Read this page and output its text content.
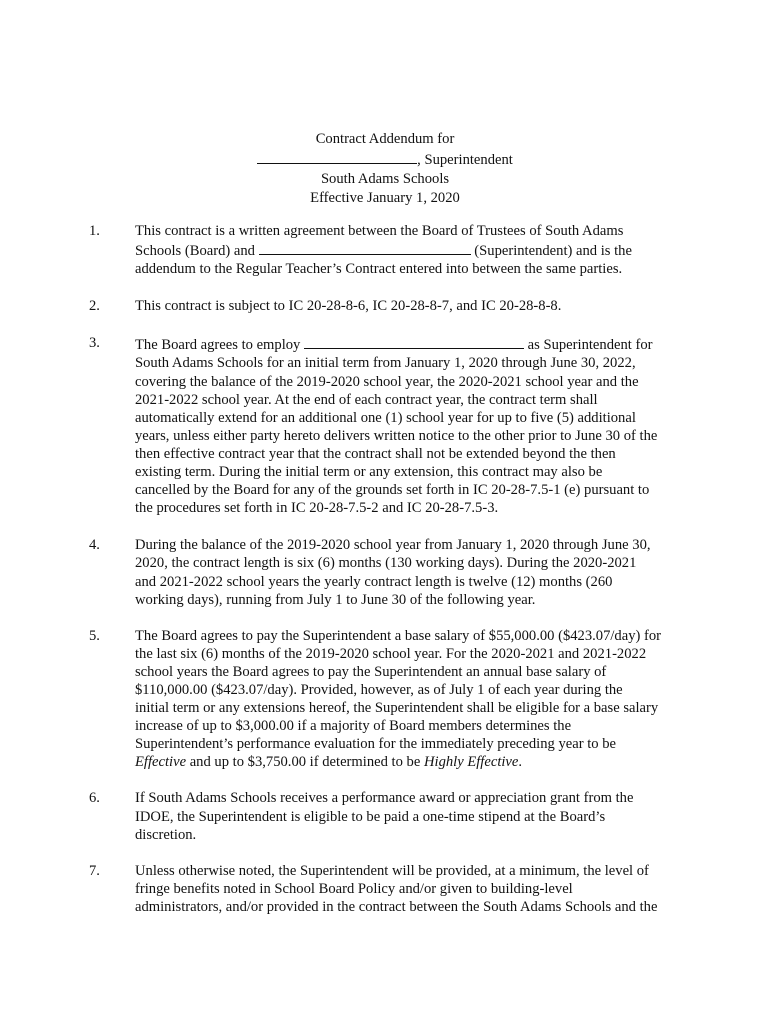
Contract Addendum for
, Superintendent
South Adams Schools
Effective January 1, 2020
1. This contract is a written agreement between the Board of Trustees of South Adams
Schools (Board) and	(Superintendent) and is the
addendum to the Regular Teacher’s Contract entered into between the same parties.
2. This contract is subject to IC 20-28-8-6, IC 20-28-8-7, and IC 20-28-8-8.
3. The Board agrees to employ	as Superintendent for
South Adams Schools for an initial term from January 1, 2020 through June 30, 2022,
covering the balance of the 2019-2020 school year, the 2020-2021 school year and the
2021-2022 school year. At the end of each contract year, the contract term shall
automatically extend for an additional one (1) school year for up to five (5) additional
years, unless either party hereto delivers written notice to the other prior to June 30 of the
then effective contract year that the contract shall not be extended beyond the then
existing term. During the initial term or any extension, this contract may also be
cancelled by the Board for any of the grounds set forth in IC 20-28-7.5-1 (e) pursuant to
the procedures set forth in IC 20-28-7.5-2 and IC 20-28-7.5-3.
4. During the balance of the 2019-2020 school year from January 1, 2020 through June 30,
2020, the contract length is six (6) months (130 working days). During the 2020-2021
and 2021-2022 school years the yearly contract length is twelve (12) months (260
working days), running from July 1 to June 30 of the following year.
5. The Board agrees to pay the Superintendent a base salary of $55,000.00 ($423.07/day) for
the last six (6) months of the 2019-2020 school year. For the 2020-2021 and 2021-2022
school years the Board agrees to pay the Superintendent an annual base salary of
$110,000.00 ($423.07/day). Provided, however, as of July 1 of each year during the
initial term or any extensions hereof, the Superintendent shall be eligible for a base salary
increase of up to $3,000.00 if a majority of Board members determines the
Superintendent’s performance evaluation for the immediately preceding year to be
Effective and up to $3,750.00 if determined to be Highly Effective.
6. If South Adams Schools receives a performance award or appreciation grant from the
IDOE, the Superintendent is eligible to be paid a one-time stipend at the Board’s
discretion.
7. Unless otherwise noted, the Superintendent will be provided, at a minimum, the level of
fringe benefits noted in School Board Policy and/or given to building-level
administrators, and/or provided in the contract between the South Adams Schools and the
